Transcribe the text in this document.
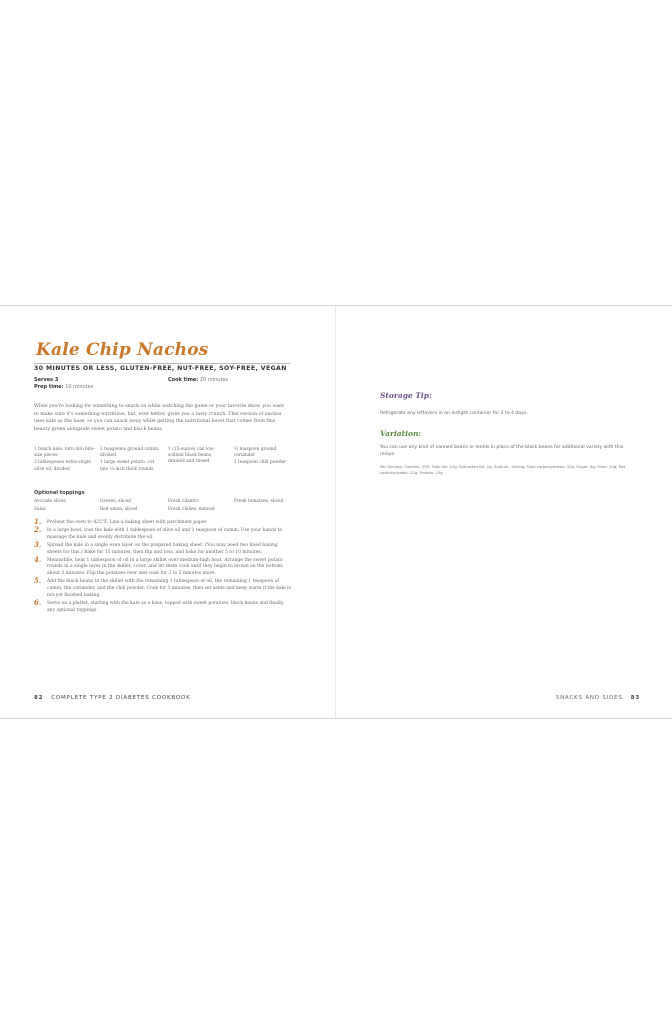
Kale Chip Nachos
30 MINUTES OR LESS, GLUTEN-FREE, NUT-FREE, SOY-FREE, VEGAN
Serves 3
Prep time: 10 minutes
Cook time: 20 minutes
When you're looking for something to snack on while watching the game or your favorite show, you want to make sure it's something nutritious, but, ever better, gives you a tasty crunch. This version of nachos uses kale as the base, so you can snack away while getting the nutritional boost that comes from this beauty green alongside sweet potato and black beans.
1 bunch kale, torn into bite-size pieces
3 tablespoons extra-virgin olive oil, divided
2 teaspoons ground cumin, divided
1 large sweet potato, cut into ¼-inch thick rounds
1 (15-ounce) can low-sodium black beans, drained and rinsed
½ teaspoon ground coriander
1 teaspoon chili powder
Optional toppings
Avocado slices
Salsa
Greens, sliced
Red onion, sliced
Fresh cilantro
Fresh chilies, minced
Fresh tomatoes, sliced
1. Preheat the oven to 425°F. Line a baking sheet with parchment paper.
2. In a large bowl, toss the kale with 1 tablespoon of olive oil and 1 teaspoon of cumin. Use your hands to massage the kale and evenly distribute the oil.
3. Spread the kale in a single even layer on the prepared baking sheet. (You may need two lined baking sheets for this.) Bake for 15 minutes, then flip and toss, and bake for another 5 to 10 minutes.
4. Meanwhile, heat 1 tablespoon of oil in a large skillet over medium-high heat. Arrange the sweet potato rounds in a single layer in the skillet, cover, and let them cook until they begin to brown on the bottom, about 3 minutes. Flip the potatoes over and cook for 3 to 5 minutes more.
5. Add the black beans to the skillet with the remaining 1 tablespoon of oil, the remaining 1 teaspoon of cumin, the coriander, and the chili powder. Cook for 3 minutes, then set aside and keep warm if the kale is not yet finished baking.
6. Serve on a platter, starting with the kale as a base, topped with sweet potatoes, black beans and finally, any optional toppings.
82 COMPLETE TYPE 2 DIABETES COOKBOOK
Storage Tip:
Refrigerate any leftovers in an airtight container for 3 to 4 days.
Variation:
You can use any kind of canned beans or lentils in place of the black beans for additional variety with this recipe.
Per Serving: Calories: 295; Total fat: 12g; Saturated fat: 2g; Sodium: 162mg; Total carbohydrates: 32g; Sugar: 6g; Fiber: 10g; Net carbohydrates: 22g; Protein: 10g
SNACKS AND SIDES 83
